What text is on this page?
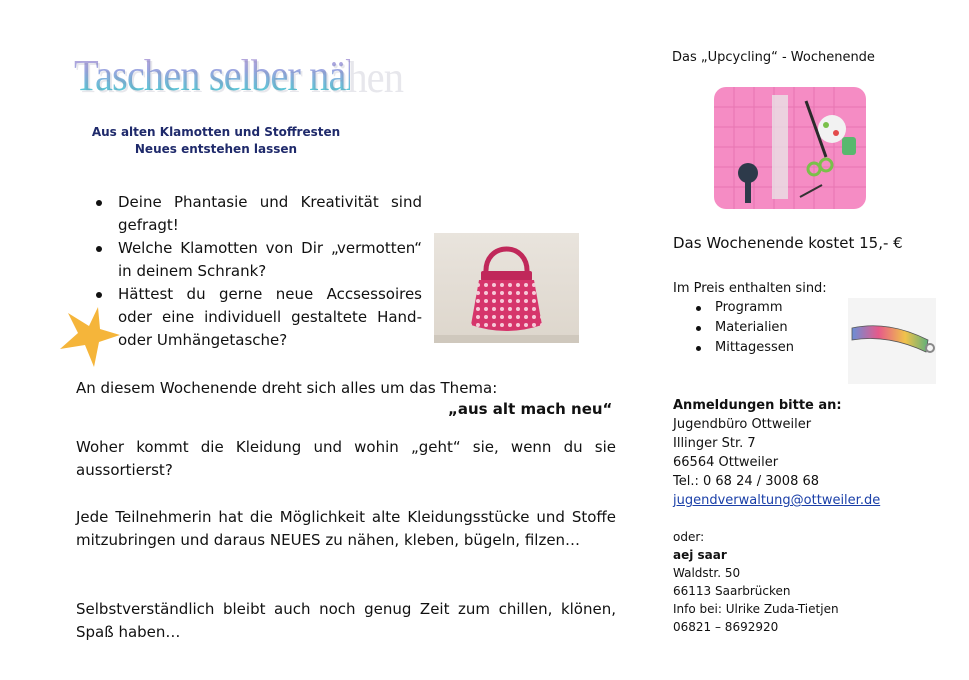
Taschen selber nähen
Aus alten Klamotten und Stoffresten
Neues entstehen lassen
Deine Phantasie und Kreativität sind gefragt!
Welche Klamotten von Dir „vermotten“ in deinem Schrank?
Hättest du gerne neue Accsessoires oder eine individuell gestaltete Hand- oder Umhängetasche?
An diesem Wochenende dreht sich alles um das Thema:
„aus alt mach neu“
Woher kommt die Kleidung und wohin „geht“ sie, wenn du sie aussortierst?
Jede Teilnehmerin hat die Möglichkeit alte Kleidungsstücke und Stoffe mitzubringen und daraus NEUES zu nähen, kleben, bügeln, filzen…
Selbstverständlich bleibt auch noch genug Zeit zum chillen, klönen, Spaß haben…
Das „Upcycling“ - Wochenende
Das Wochenende kostet 15,- €
Im Preis enthalten sind:
Programm
Materialien
Mittagessen
Anmeldungen bitte an:
Jugendbüro Ottweiler
Illinger Str. 7
66564 Ottweiler
Tel.: 0 68 24 / 3008 68
jugendverwaltung@ottweiler.de
oder:
aej saar
Waldstr. 50
66113 Saarbrücken
Info bei: Ulrike Zuda-Tietjen
06821 – 8692920
